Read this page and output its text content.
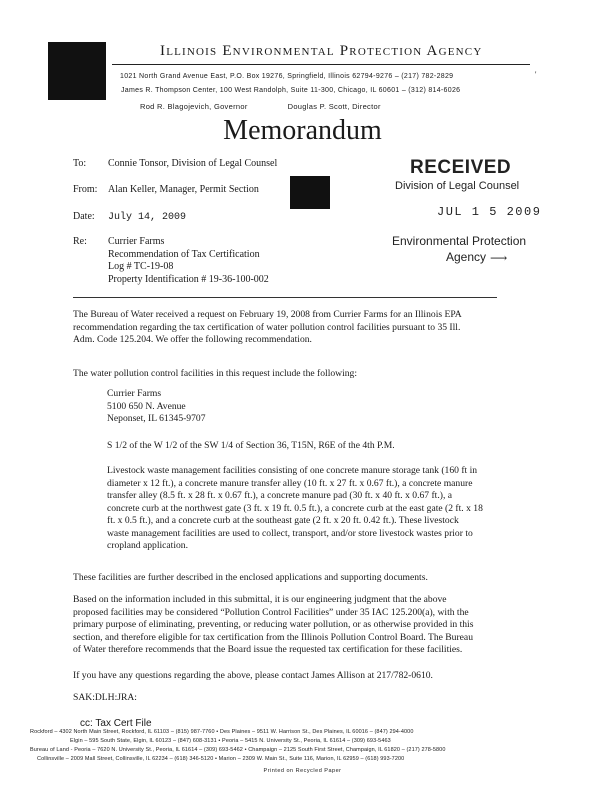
Illinois Environmental Protection Agency
1021 North Grand Avenue East, P.O. Box 19276, Springfield, Illinois 62794-9276 – (217) 782-2829
James R. Thompson Center, 100 West Randolph, Suite 11-300, Chicago, IL 60601 – (312) 814-6026
Rod R. Blagojevich, Governor	Douglas P. Scott, Director
'
Memorandum
To: Connie Tonsor, Division of Legal Counsel
From: Alan Keller, Manager, Permit Section
Date: July 14, 2009
Re: Currier Farms
Recommendation of Tax Certification
Log # TC-19-08
Property Identification # 19-36-100-002
RECEIVED
Division of Legal Counsel
JUL 1 5 2009
Environmental Protection
Agency ⟶
The Bureau of Water received a request on February 19, 2008 from Currier Farms for an Illinois EPA
recommendation regarding the tax certification of water pollution control facilities pursuant to 35 Ill.
Adm. Code 125.204. We offer the following recommendation.
The water pollution control facilities in this request include the following:
Currier Farms
5100 650 N. Avenue
Neponset, IL 61345-9707
S 1/2 of the W 1/2 of the SW 1/4 of Section 36, T15N, R6E of the 4th P.M.
Livestock waste management facilities consisting of one concrete manure storage tank (160 ft in
diameter x 12 ft.), a concrete manure transfer alley (10 ft. x 27 ft. x 0.67 ft.), a concrete manure
transfer alley (8.5 ft. x 28 ft. x 0.67 ft.), a concrete manure pad (30 ft. x 40 ft. x 0.67 ft.), a
concrete curb at the northwest gate (3 ft. x 19 ft. 0.5 ft.), a concrete curb at the east gate (2 ft. x 18
ft. x 0.5 ft.), and a concrete curb at the southeast gate (2 ft. x 20 ft. 0.42 ft.). These livestock
waste management facilities are used to collect, transport, and/or store livestock wastes prior to
cropland application.
These facilities are further described in the enclosed applications and supporting documents.
Based on the information included in this submittal, it is our engineering judgment that the above
proposed facilities may be considered “Pollution Control Facilities” under 35 IAC 125.200(a), with the
primary purpose of eliminating, preventing, or reducing water pollution, or as otherwise provided in this
section, and therefore eligible for tax certification from the Illinois Pollution Control Board. The Bureau
of Water therefore recommends that the Board issue the requested tax certification for these facilities.
If you have any questions regarding the above, please contact James Allison at 217/782-0610.
SAK:DLH:JRA:
cc: Tax Cert File
Rockford – 4302 North Main Street, Rockford, IL 61103 – (815) 987-7760 • Des Plaines – 9511 W. Harrison St., Des Plaines, IL 60016 – (847) 294-4000
Elgin – 595 South State, Elgin, IL 60123 – (847) 608-3131 • Peoria – 5415 N. University St., Peoria, IL 61614 – (309) 693-5463
Bureau of Land - Peoria – 7620 N. University St., Peoria, IL 61614 – (309) 693-5462 • Champaign – 2125 South First Street, Champaign, IL 61820 – (217) 278-5800
Collinsville – 2009 Mall Street, Collinsville, IL 62234 – (618) 346-5120 • Marion – 2309 W. Main St., Suite 116, Marion, IL 62959 – (618) 993-7200
Printed on Recycled Paper
